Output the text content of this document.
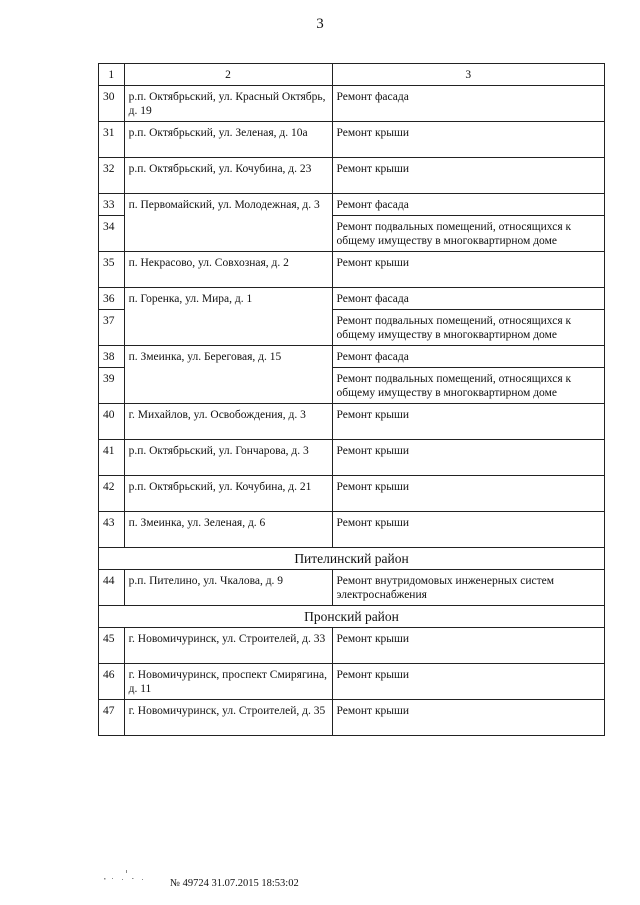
3
1	2	3
30	р.п. Октябрьский, ул. Красный Октябрь, д. 19	Ремонт фасада
31	р.п. Октябрьский, ул. Зеленая, д. 10а	Ремонт крыши
32	р.п. Октябрьский, ул. Кочубина, д. 23	Ремонт крыши
33	п. Первомайский, ул. Молодежная, д. 3	Ремонт фасада
34		Ремонт подвальных помещений, относящихся к общему имуществу в многоквартирном доме
35	п. Некрасово, ул. Совхозная, д. 2	Ремонт крыши
36	п. Горенка, ул. Мира, д. 1	Ремонт фасада
37		Ремонт подвальных помещений, относящихся к общему имуществу в многоквартирном доме
38	п. Змеинка, ул. Береговая, д. 15	Ремонт фасада
39		Ремонт подвальных помещений, относящихся к общему имуществу в многоквартирном доме
40	г. Михайлов, ул. Освобождения, д. 3	Ремонт крыши
41	р.п. Октябрьский, ул. Гончарова, д. 3	Ремонт крыши
42	р.п. Октябрьский, ул. Кочубина, д. 21	Ремонт крыши
43	п. Змеинка, ул. Зеленая, д. 6	Ремонт крыши
Пителинский район		
44	р.п. Пителино, ул. Чкалова, д. 9	Ремонт внутридомовых инженерных систем электроснабжения
Пронский район		
45	г. Новомичуринск, ул. Строителей, д. 33	Ремонт крыши
46	г. Новомичуринск, проспект Смирягина, д. 11	Ремонт крыши
47	г. Новомичуринск, ул. Строителей, д. 35	Ремонт крыши
№ 49724 31.07.2015 18:53:02
